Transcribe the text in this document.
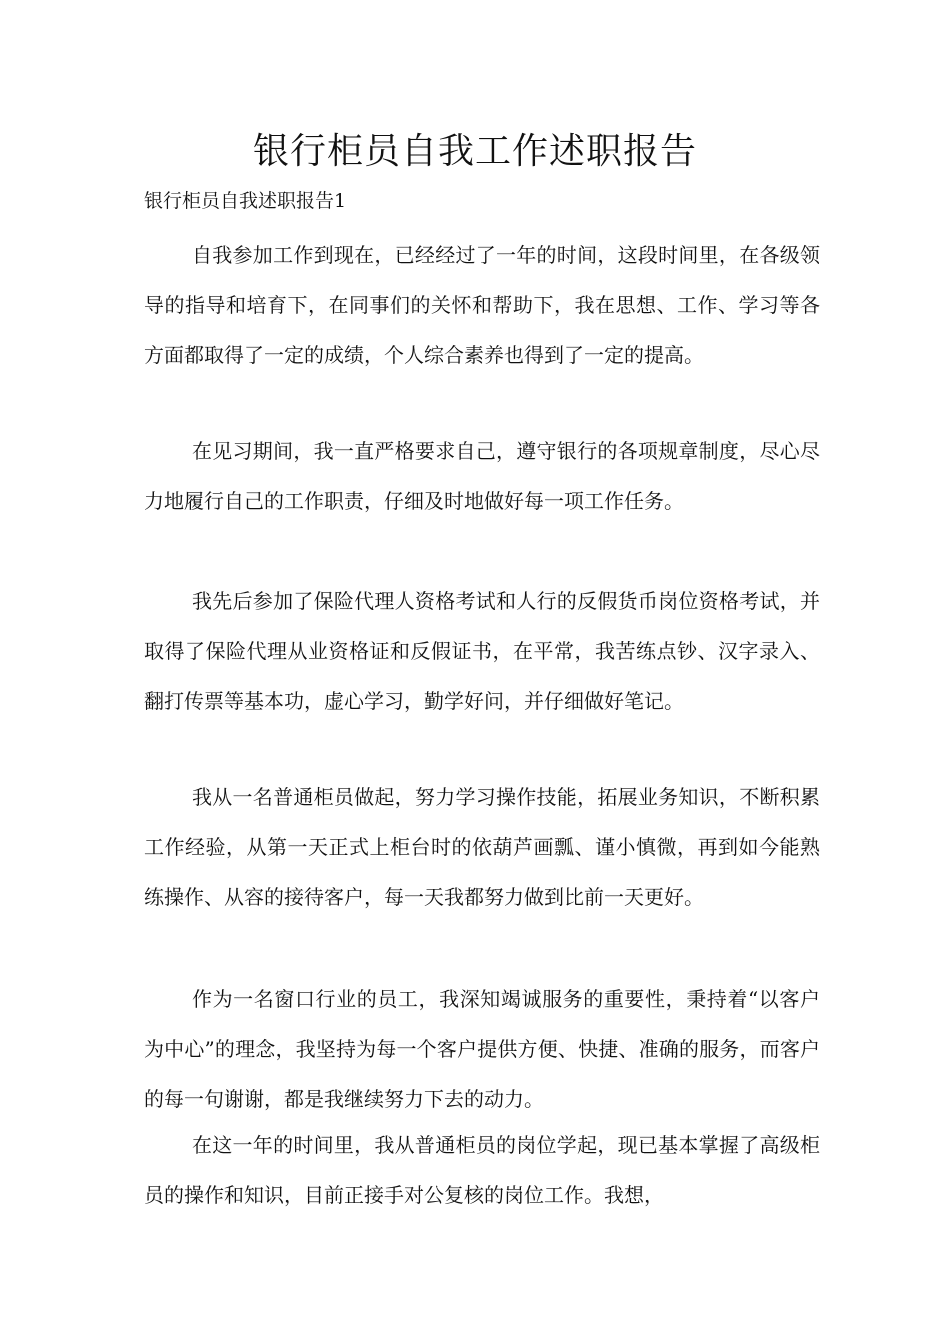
银行柜员自我工作述职报告
银行柜员自我述职报告1

自我参加工作到现在，已经经过了一年的时间，这段时间里，在各级领导的指导和培育下，在同事们的关怀和帮助下，我在思想、工作、学习等各方面都取得了一定的成绩，个人综合素养也得到了一定的提高。

在见习期间，我一直严格要求自己，遵守银行的各项规章制度，尽心尽力地履行自己的工作职责，仔细及时地做好每一项工作任务。

我先后参加了保险代理人资格考试和人行的反假货币岗位资格考试，并取得了保险代理从业资格证和反假证书，在平常，我苦练点钞、汉字录入、翻打传票等基本功，虚心学习，勤学好问，并仔细做好笔记。

我从一名普通柜员做起，努力学习操作技能，拓展业务知识，不断积累工作经验，从第一天正式上柜台时的依葫芦画瓢、谨小慎微，再到如今能熟练操作、从容的接待客户，每一天我都努力做到比前一天更好。

作为一名窗口行业的员工，我深知竭诚服务的重要性，秉持着“以客户为中心”的理念，我坚持为每一个客户提供方便、快捷、准确的服务，而客户的每一句谢谢，都是我继续努力下去的动力。

在这一年的时间里，我从普通柜员的岗位学起，现已基本掌握了高级柜员的操作和知识，目前正接手对公复核的岗位工作。我想，
